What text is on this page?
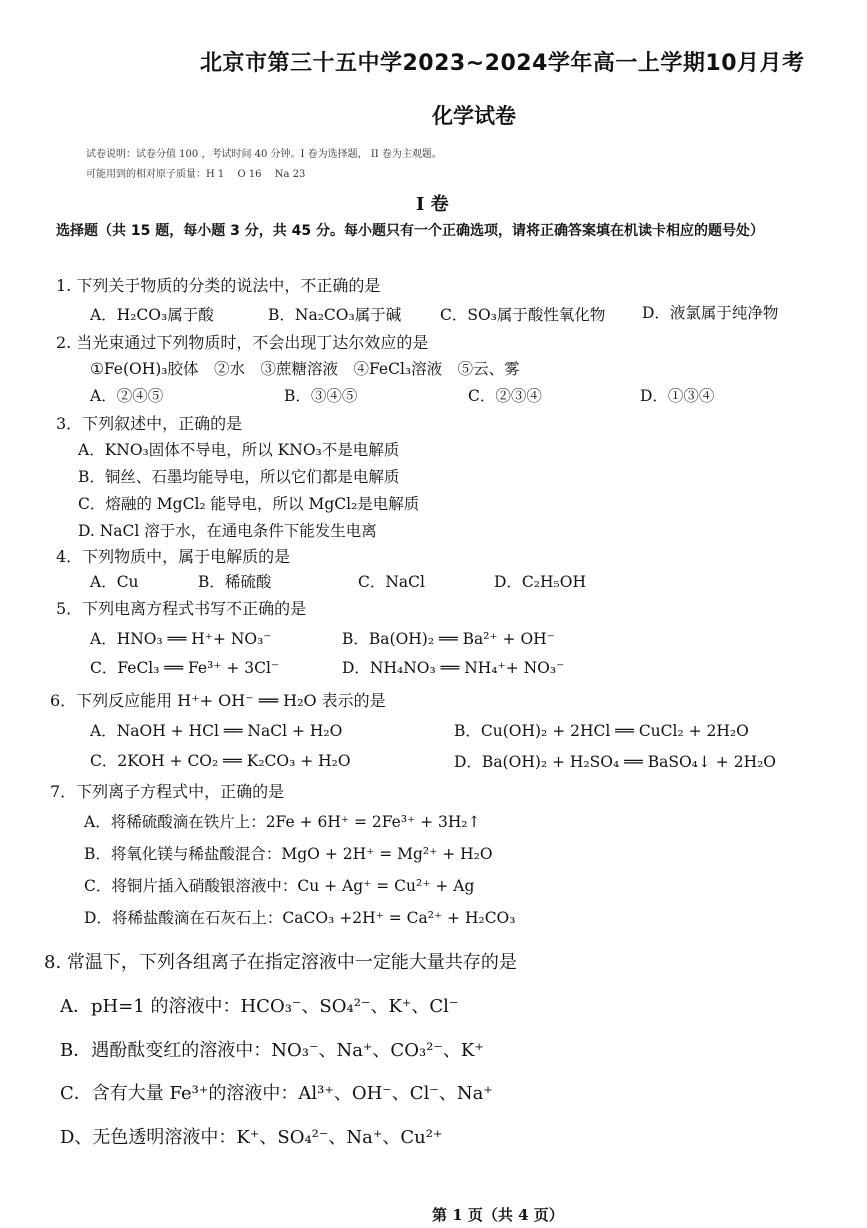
北京市第三十五中学2023~2024学年高一上学期10月月考
化学试卷
试卷说明：试卷分值 100 ，考试时间 40 分钟。I 卷为选择题， II 卷为主观题。
可能用到的相对原子质量：H 1　 O 16　 Na 23
I 卷
选择题（共 15 题，每小题 3 分，共 45 分。每小题只有一个正确选项，请将正确答案填在机读卡相应的题号处）
1. 下列关于物质的分类的说法中，不正确的是
A．H₂CO₃属于酸	B．Na₂CO₃属于碱	C．SO₃属于酸性氧化物 D．液氯属于纯净物
2. 当光束通过下列物质时，不会出现丁达尔效应的是
①Fe(OH)₃胶体　②水　③蔗糖溶液　④FeCl₃溶液　⑤云、雾
A．②④⑤	B．③④⑤	C．②③④	D．①③④
3．下列叙述中，正确的是
A．KNO₃固体不导电，所以 KNO₃不是电解质
B．铜丝、石墨均能导电，所以它们都是电解质
C．熔融的 MgCl₂ 能导电，所以 MgCl₂是电解质
D. NaCl 溶于水，在通电条件下能发生电离
4．下列物质中，属于电解质的是
A．Cu	B．稀硫酸	C．NaCl	D．C₂H₅OH
5．下列电离方程式书写不正确的是
A．HNO₃ ══ H⁺+ NO₃⁻	B．Ba(OH)₂ ══ Ba²⁺ + OH⁻
C．FeCl₃ ══ Fe³⁺ + 3Cl⁻	D．NH₄NO₃ ══ NH₄⁺+ NO₃⁻
6．下列反应能用 H⁺+ OH⁻ ══ H₂O 表示的是
A．NaOH + HCl ══ NaCl + H₂O	B．Cu(OH)₂ + 2HCl ══ CuCl₂ + 2H₂O
C．2KOH + CO₂ ══ K₂CO₃ + H₂O	D．Ba(OH)₂ + H₂SO₄ ══ BaSO₄↓ + 2H₂O
7．下列离子方程式中，正确的是
A．将稀硫酸滴在铁片上：2Fe + 6H⁺ = 2Fe³⁺ + 3H₂↑
B．将氧化镁与稀盐酸混合：MgO + 2H⁺ = Mg²⁺ + H₂O
C．将铜片插入硝酸银溶液中：Cu + Ag⁺ = Cu²⁺ + Ag
D．将稀盐酸滴在石灰石上：CaCO₃ +2H⁺ = Ca²⁺ + H₂CO₃
8. 常温下，下列各组离子在指定溶液中一定能大量共存的是
A．pH=1 的溶液中：HCO₃⁻、SO₄²⁻、K⁺、Cl⁻
B．遇酚酞变红的溶液中：NO₃⁻、Na⁺、CO₃²⁻、K⁺
C．含有大量 Fe³⁺的溶液中：Al³⁺、OH⁻、Cl⁻、Na⁺
D、无色透明溶液中：K⁺、SO₄²⁻、Na⁺、Cu²⁺
第 1 页（共 4 页）
